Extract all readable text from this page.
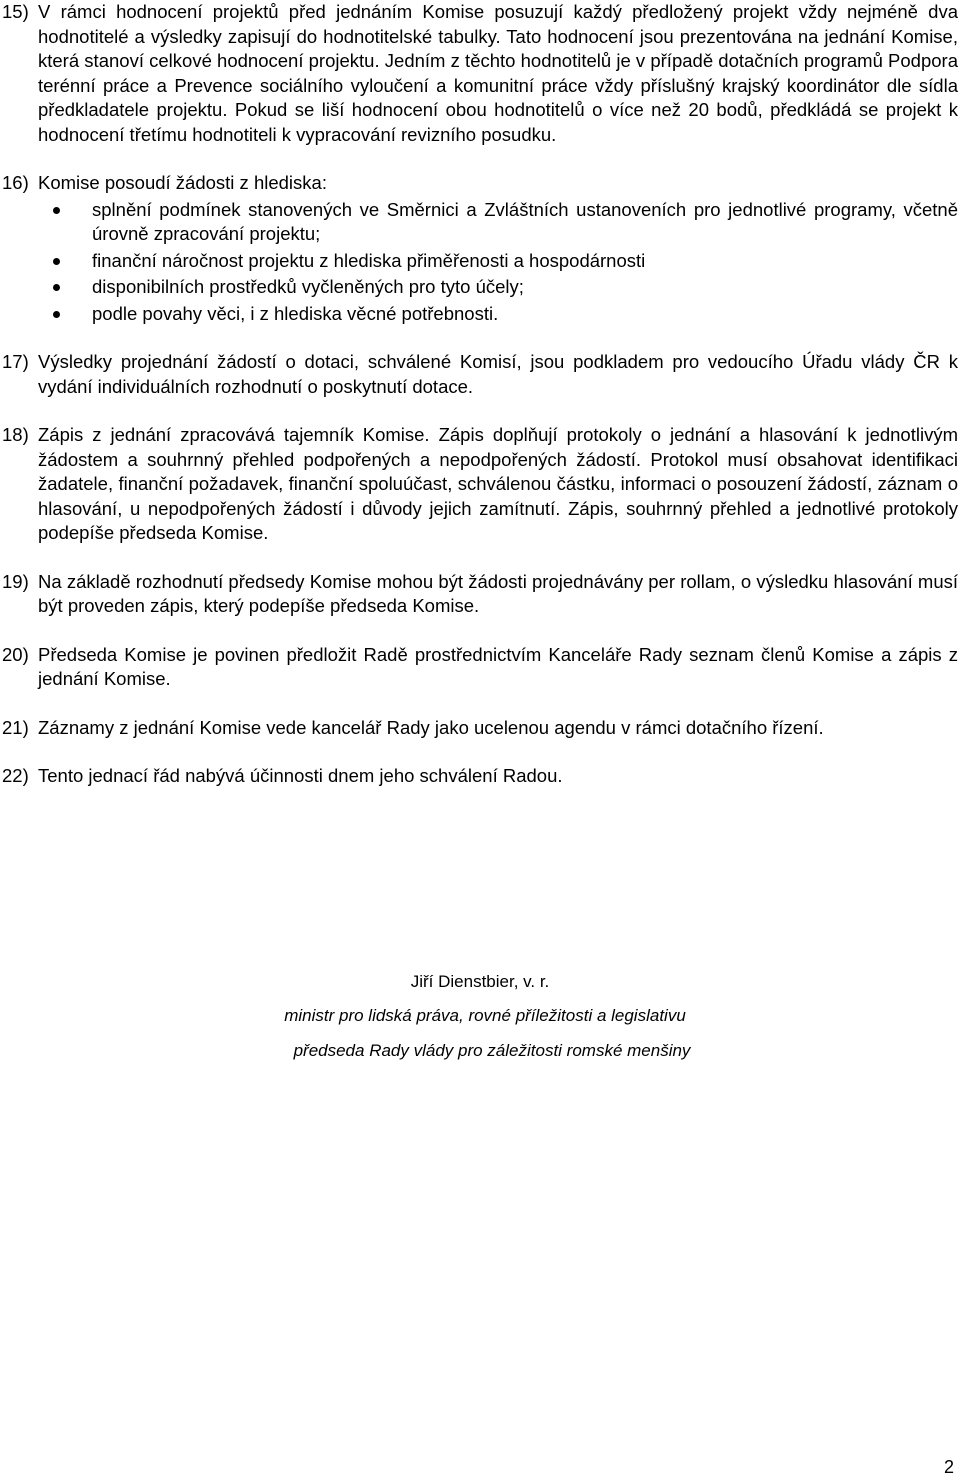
15) V rámci hodnocení projektů před jednáním Komise posuzují každý předložený projekt vždy nejméně dva hodnotitelé a výsledky zapisují do hodnotitelské tabulky. Tato hodnocení jsou prezentována na jednání Komise, která stanoví celkové hodnocení projektu. Jedním z těchto hodnotitelů je v případě dotačních programů Podpora terénní práce a Prevence sociálního vyloučení a komunitní práce vždy příslušný krajský koordinátor dle sídla předkladatele projektu. Pokud se liší hodnocení obou hodnotitelů o více než 20 bodů, předkládá se projekt k hodnocení třetímu hodnotiteli k vypracování revizního posudku.
16) Komise posoudí žádosti z hlediska:
splnění podmínek stanovených ve Směrnici a Zvláštních ustanoveních pro jednotlivé programy, včetně úrovně zpracování projektu;
finanční náročnost projektu z hlediska přiměřenosti a hospodárnosti
disponibilních prostředků vyčleněných pro tyto účely;
podle povahy věci, i z hlediska věcné potřebnosti.
17) Výsledky projednání žádostí o dotaci, schválené Komisí, jsou podkladem pro vedoucího Úřadu vlády ČR k vydání individuálních rozhodnutí o poskytnutí dotace.
18) Zápis z jednání zpracovává tajemník Komise. Zápis doplňují protokoly o jednání a hlasování k jednotlivým žádostem a souhrnný přehled podpořených a nepodpořených žádostí. Protokol musí obsahovat identifikaci žadatele, finanční požadavek, finanční spoluúčast, schválenou částku, informaci o posouzení žádostí, záznam o hlasování, u nepodpořených žádostí i důvody jejich zamítnutí. Zápis, souhrnný přehled a jednotlivé protokoly podepíše předseda Komise.
19) Na základě rozhodnutí předsedy Komise mohou být žádosti projednávány per rollam, o výsledku hlasování musí být proveden zápis, který podepíše předseda Komise.
20) Předseda Komise je povinen předložit Radě prostřednictvím Kanceláře Rady seznam členů Komise a zápis z jednání Komise.
21) Záznamy z jednání Komise vede kancelář Rady jako ucelenou agendu v rámci dotačního řízení.
22) Tento jednací řád nabývá účinnosti dnem jeho schválení Radou.
Jiří Dienstbier, v. r.
ministr pro lidská práva, rovné příležitosti a legislativu
předseda Rady vlády pro záležitosti romské menšiny
2
